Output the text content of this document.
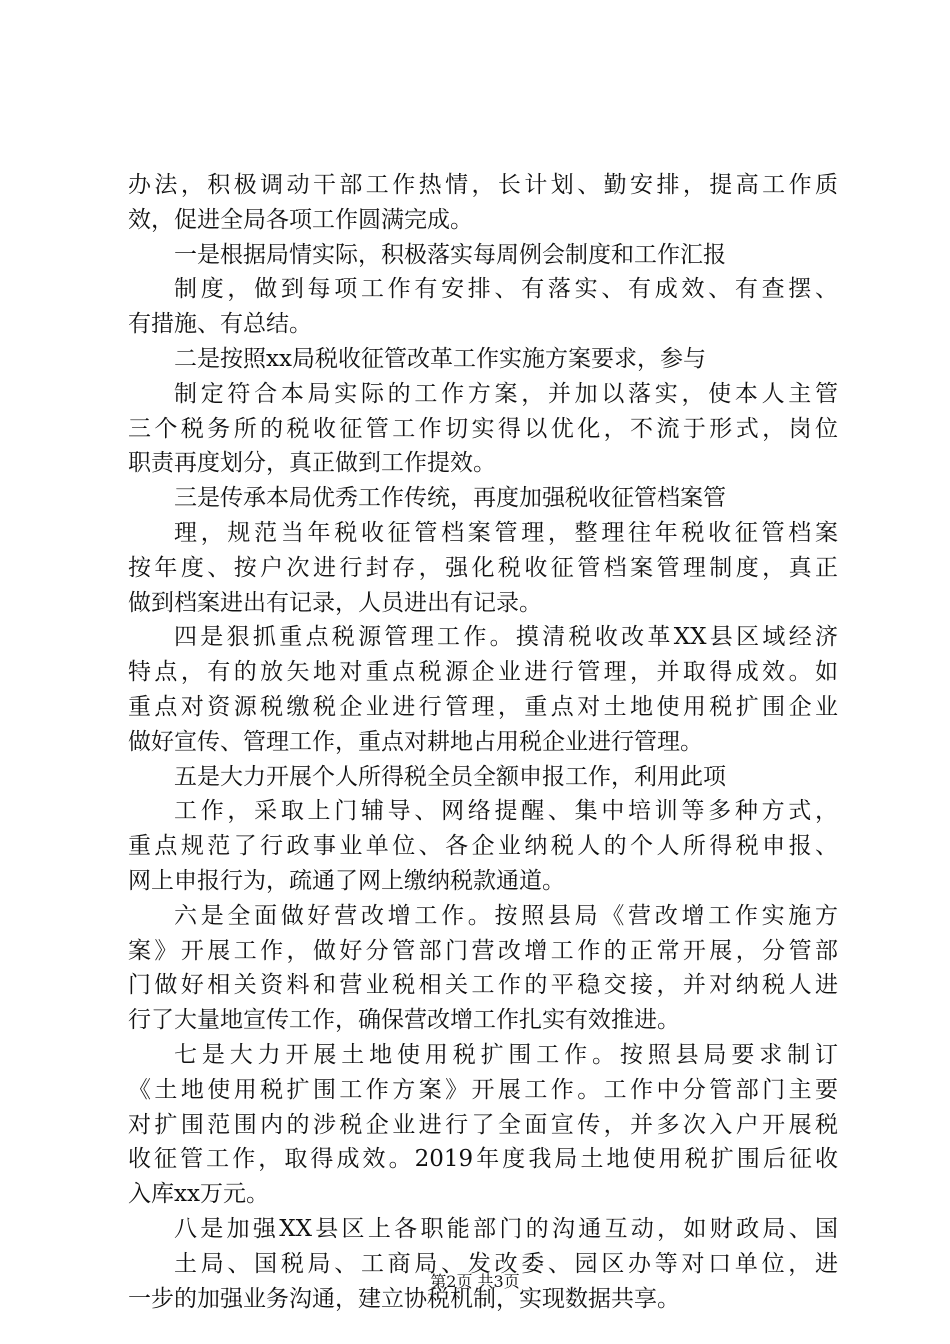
办法，积极调动干部工作热情，长计划、勤安排，提高工作质
效，促进全局各项工作圆满完成。
一是根据局情实际，积极落实每周例会制度和工作汇报
制度，做到每项工作有安排、有落实、有成效、有查摆、
有措施、有总结。
二是按照xx局税收征管改革工作实施方案要求，参与
制定符合本局实际的工作方案，并加以落实，使本人主管
三个税务所的税收征管工作切实得以优化，不流于形式，岗位
职责再度划分，真正做到工作提效。
三是传承本局优秀工作传统，再度加强税收征管档案管
理，规范当年税收征管档案管理，整理往年税收征管档案
按年度、按户次进行封存，强化税收征管档案管理制度，真正
做到档案进出有记录，人员进出有记录。
四是狠抓重点税源管理工作。摸清税收改革XX县区域经济
特点，有的放矢地对重点税源企业进行管理，并取得成效。如
重点对资源税缴税企业进行管理，重点对土地使用税扩围企业
做好宣传、管理工作，重点对耕地占用税企业进行管理。
五是大力开展个人所得税全员全额申报工作，利用此项
工作，采取上门辅导、网络提醒、集中培训等多种方式，
重点规范了行政事业单位、各企业纳税人的个人所得税申报、
网上申报行为，疏通了网上缴纳税款通道。
六是全面做好营改增工作。按照县局《营改增工作实施方
案》开展工作，做好分管部门营改增工作的正常开展，分管部
门做好相关资料和营业税相关工作的平稳交接，并对纳税人进
行了大量地宣传工作，确保营改增工作扎实有效推进。
七是大力开展土地使用税扩围工作。按照县局要求制订
《土地使用税扩围工作方案》开展工作。工作中分管部门主要
对扩围范围内的涉税企业进行了全面宣传，并多次入户开展税
收征管工作，取得成效。2019年度我局土地使用税扩围后征收
入库xx万元。
八是加强XX县区上各职能部门的沟通互动，如财政局、国
土局、国税局、工商局、发改委、园区办等对口单位，进
一步的加强业务沟通，建立协税机制，实现数据共享。
第2页 共3页
